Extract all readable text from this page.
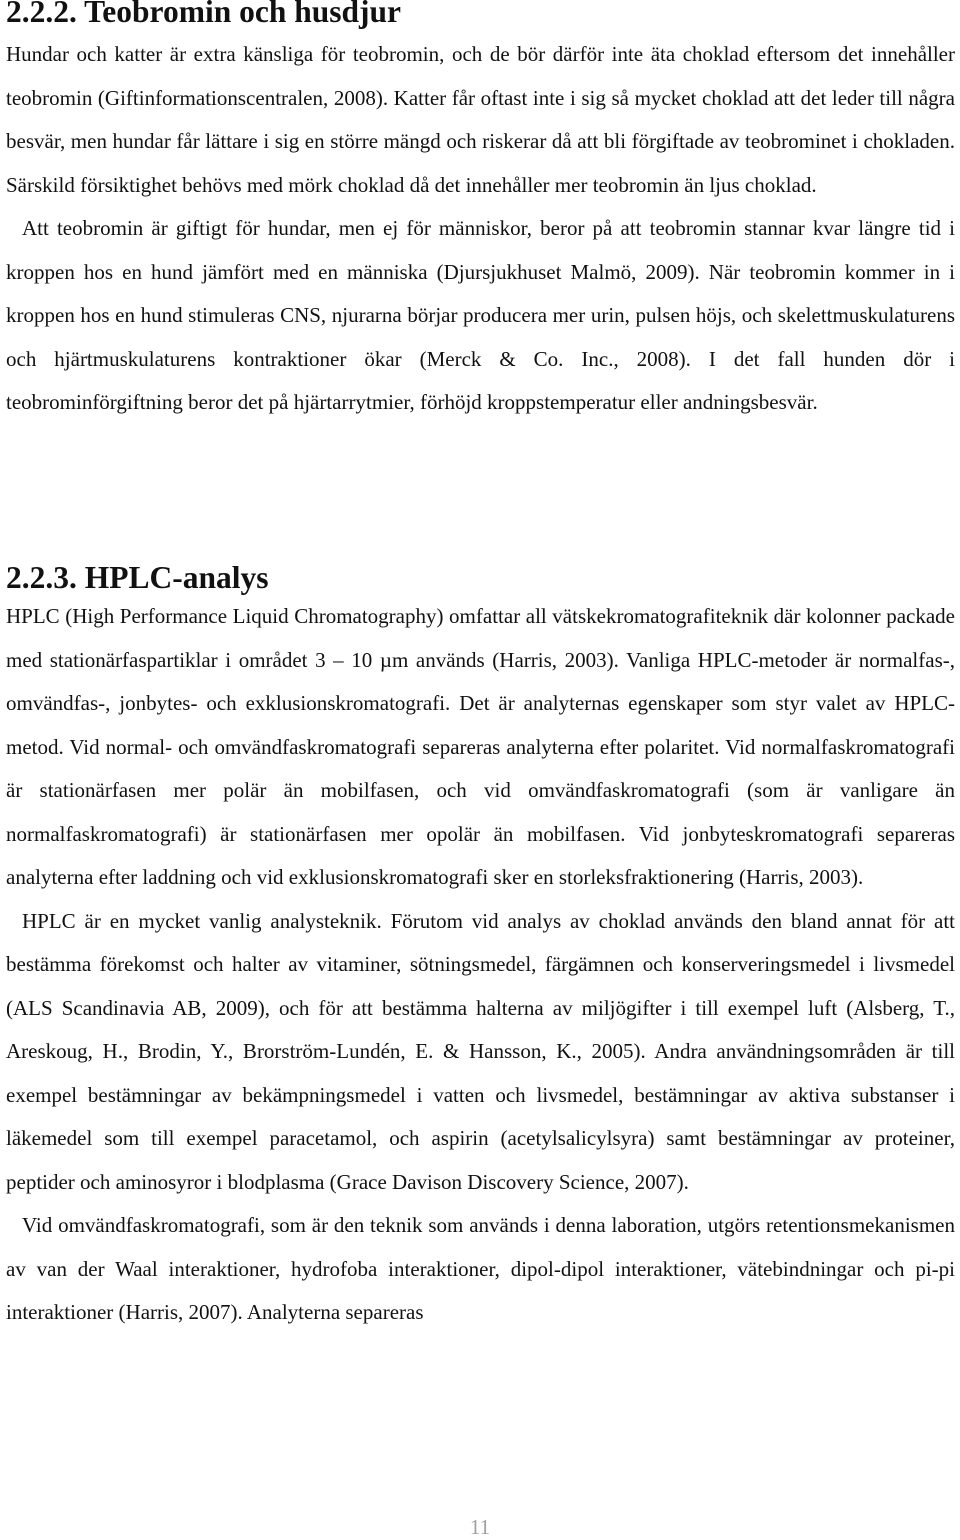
2.2.2. Teobromin och husdjur

Hundar och katter är extra känsliga för teobromin, och de bör därför inte äta choklad eftersom det innehåller teobromin (Giftinformationscentralen, 2008). Katter får oftast inte i sig så mycket choklad att det leder till några besvär, men hundar får lättare i sig en större mängd och riskerar då att bli förgiftade av teobrominet i chokladen. Särskild försiktighet behövs med mörk choklad då det innehåller mer teobromin än ljus choklad.

Att teobromin är giftigt för hundar, men ej för människor, beror på att teobromin stannar kvar längre tid i kroppen hos en hund jämfört med en människa (Djursjukhuset Malmö, 2009). När teobromin kommer in i kroppen hos en hund stimuleras CNS, njurarna börjar producera mer urin, pulsen höjs, och skelettmuskulaturens och hjärtmuskulaturens kontraktioner ökar (Merck & Co. Inc., 2008). I det fall hunden dör i teobrominförgiftning beror det på hjärtarrytmier, förhöjd kroppstemperatur eller andningsbesvär.

2.2.3. HPLC-analys

HPLC (High Performance Liquid Chromatography) omfattar all vätskekromatografiteknik där kolonner packade med stationärfaspartiklar i området 3 – 10 µm används (Harris, 2003). Vanliga HPLC-metoder är normalfas-, omvändfas-, jonbytes- och exklusionskromatografi. Det är analyternas egenskaper som styr valet av HPLC-metod. Vid normal- och omvändfaskromatografi separeras analyterna efter polaritet. Vid normalfaskromatografi är stationärfasen mer polär än mobilfasen, och vid omvändfaskromatografi (som är vanligare än normalfaskromatografi) är stationärfasen mer opolär än mobilfasen. Vid jonbyteskromatografi separeras analyterna efter laddning och vid exklusionskromatografi sker en storleksfraktionering (Harris, 2003).

HPLC är en mycket vanlig analysteknik. Förutom vid analys av choklad används den bland annat för att bestämma förekomst och halter av vitaminer, sötningsmedel, färgämnen och konserveringsmedel i livsmedel (ALS Scandinavia AB, 2009), och för att bestämma halterna av miljögifter i till exempel luft (Alsberg, T., Areskoug, H., Brodin, Y., Brorström-Lundén, E. & Hansson, K., 2005). Andra användningsområden är till exempel bestämningar av bekämpningsmedel i vatten och livsmedel, bestämningar av aktiva substanser i läkemedel som till exempel paracetamol, och aspirin (acetylsalicylsyra) samt bestämningar av proteiner, peptider och aminosyror i blodplasma (Grace Davison Discovery Science, 2007).

Vid omvändfaskromatografi, som är den teknik som används i denna laboration, utgörs retentionsmekanismen av van der Waal interaktioner, hydrofoba interaktioner, dipol-dipol interaktioner, vätebindningar och pi-pi interaktioner (Harris, 2007). Analyterna separeras

11
